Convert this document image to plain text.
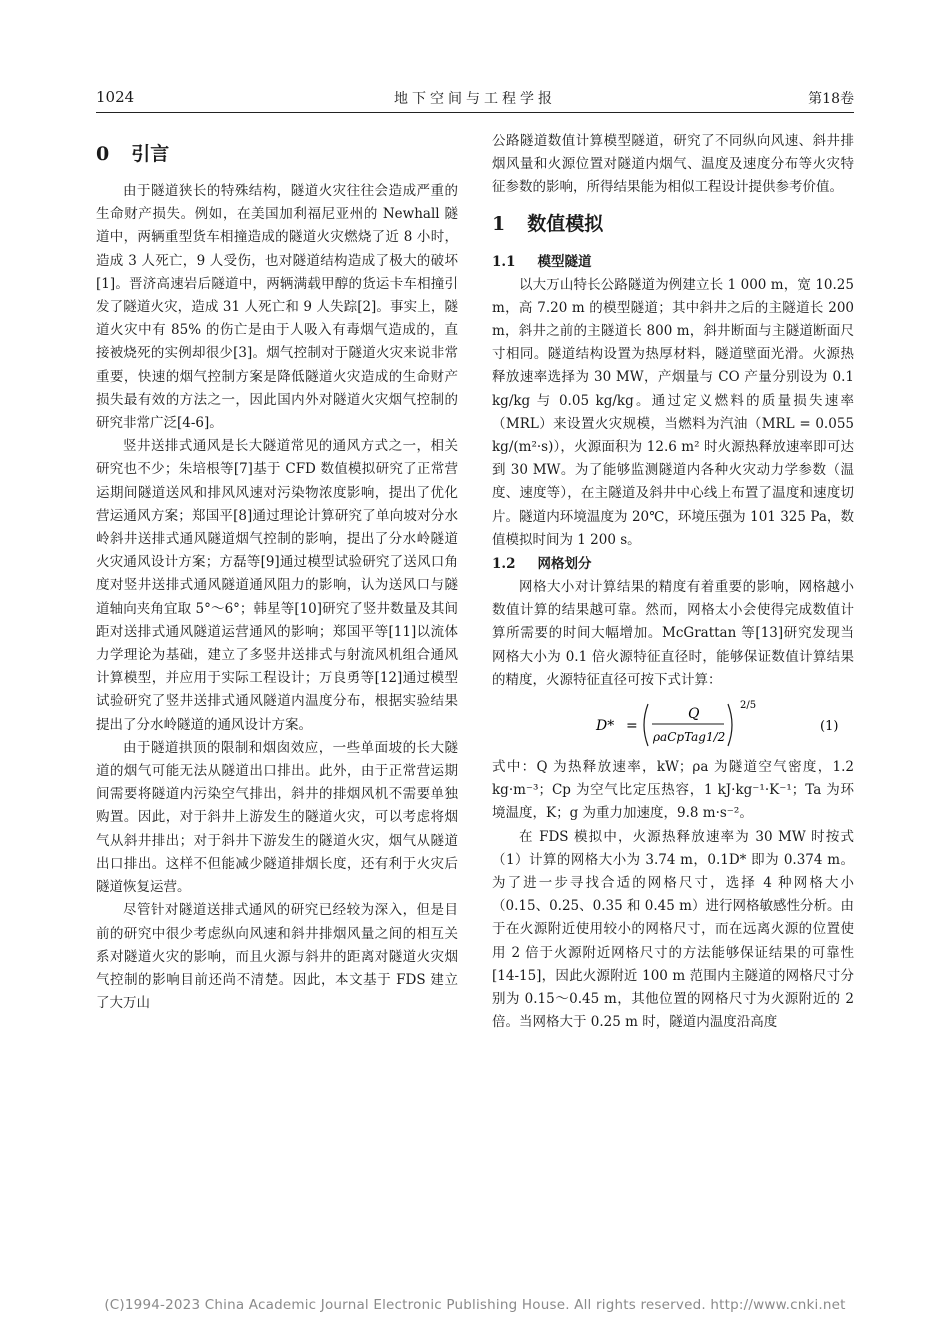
1024	地下空间与工程学报	第18卷
0 引言

由于隧道狭长的特殊结构，隧道火灾往往会造成严重的生命财产损失。例如，在美国加利福尼亚州的 Newhall 隧道中，两辆重型货车相撞造成的隧道火灾燃烧了近 8 小时，造成 3 人死亡，9 人受伤，也对隧道结构造成了极大的破坏[1]。晋济高速岩后隧道中，两辆满载甲醇的货运卡车相撞引发了隧道火灾，造成 31 人死亡和 9 人失踪[2]。事实上，隧道火灾中有 85% 的伤亡是由于人吸入有毒烟气造成的，直接被烧死的实例却很少[3]。烟气控制对于隧道火灾来说非常重要，快速的烟气控制方案是降低隧道火灾造成的生命财产损失最有效的方法之一，因此国内外对隧道火灾烟气控制的研究非常广泛[4-6]。

竖井送排式通风是长大隧道常见的通风方式之一，相关研究也不少；朱培根等[7]基于 CFD 数值模拟研究了正常营运期间隧道送风和排风风速对污染物浓度影响，提出了优化营运通风方案；郑国平[8]通过理论计算研究了单向坡对分水岭斜井送排式通风隧道烟气控制的影响，提出了分水岭隧道火灾通风设计方案；方磊等[9]通过模型试验研究了送风口角度对竖井送排式通风隧道通风阻力的影响，认为送风口与隧道轴向夹角宜取 5°～6°；韩星等[10]研究了竖井数量及其间距对送排式通风隧道运营通风的影响；郑国平等[11]以流体力学理论为基础，建立了多竖井送排式与射流风机组合通风计算模型，并应用于实际工程设计；万良勇等[12]通过模型试验研究了竖井送排式通风隧道内温度分布，根据实验结果提出了分水岭隧道的通风设计方案。

由于隧道拱顶的限制和烟囱效应，一些单面坡的长大隧道的烟气可能无法从隧道出口排出。此外，由于正常营运期间需要将隧道内污染空气排出，斜井的排烟风机不需要单独购置。因此，对于斜井上游发生的隧道火灾，可以考虑将烟气从斜井排出；对于斜井下游发生的隧道火灾，烟气从隧道出口排出。这样不但能减少隧道排烟长度，还有利于火灾后隧道恢复运营。

尽管针对隧道送排式通风的研究已经较为深入，但是目前的研究中很少考虑纵向风速和斜井排烟风量之间的相互关系对隧道火灾的影响，而且火源与斜井的距离对隧道火灾烟气控制的影响目前还尚不清楚。因此，本文基于 FDS 建立了大万山

公路隧道数值计算模型隧道，研究了不同纵向风速、斜井排烟风量和火源位置对隧道内烟气、温度及速度分布等火灾特征参数的影响，所得结果能为相似工程设计提供参考价值。

1 数值模拟
1.1 模型隧道

以大万山特长公路隧道为例建立长 1 000 m，宽 10.25 m，高 7.20 m 的模型隧道；其中斜井之后的主隧道长 200 m，斜井之前的主隧道长 800 m，斜井断面与主隧道断面尺寸相同。隧道结构设置为热厚材料，隧道壁面光滑。火源热释放速率选择为 30 MW，产烟量与 CO 产量分别设为 0.1 kg/kg 与 0.05 kg/kg。通过定义燃料的质量损失速率（MRL）来设置火灾规模，当燃料为汽油（MRL = 0.055 kg/(m²·s)），火源面积为 12.6 m² 时火源热释放速率即可达到 30 MW。为了能够监测隧道内各种火灾动力学参数（温度、速度等），在主隧道及斜井中心线上布置了温度和速度切片。隧道内环境温度为 20℃，环境压强为 101 325 Pa，数值模拟时间为 1 200 s。

1.2 网格划分

网格大小对计算结果的精度有着重要的影响，网格越小数值计算的结果越可靠。然而，网格太小会使得完成数值计算所需要的时间大幅增加。McGrattan 等[13]研究发现当网格大小为 0.1 倍火源特征直径时，能够保证数值计算结果的精度，火源特征直径可按下式计算：

D* =
Q
ρaCpTag1/2
2/5
(1)

式中：Q 为热释放速率，kW；ρa 为隧道空气密度，1.2 kg·m⁻³；Cp 为空气比定压热容，1 kJ·kg⁻¹·K⁻¹；Ta 为环境温度，K；g 为重力加速度，9.8 m·s⁻²。

在 FDS 模拟中，火源热释放速率为 30 MW 时按式（1）计算的网格大小为 3.74 m，0.1D* 即为 0.374 m。为了进一步寻找合适的网格尺寸，选择 4 种网格大小（0.15、0.25、0.35 和 0.45 m）进行网格敏感性分析。由于在火源附近使用较小的网格尺寸，而在远离火源的位置使用 2 倍于火源附近网格尺寸的方法能够保证结果的可靠性[14-15]，因此火源附近 100 m 范围内主隧道的网格尺寸分别为 0.15～0.45 m，其他位置的网格尺寸为火源附近的 2 倍。当网格大于 0.25 m 时，隧道内温度沿高度

(C)1994-2023 China Academic Journal Electronic Publishing House. All rights reserved. http://www.cnki.net
